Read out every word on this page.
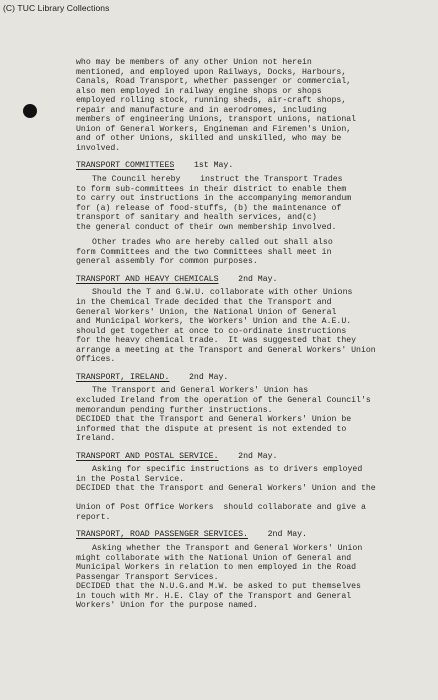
(C) TUC Library Collections
who may be members of any other Union not herein
mentioned, and employed upon Railways, Docks, Harbours,
Canals, Road Transport, whether passenger or commercial,
also men employed in railway engine shops or shops
employed rolling stock, running sheds, air-craft shops,
repair and manufacture and in aerodromes, including
members of engineering Unions, transport unions, national
Union of General Workers, Engineman and Firemen's Union,
and of other Unions, skilled and unskilled, who may be
involved.
TRANSPORT COMMITTEES 1st May.
The Council hereby    instruct the Transport Trades
to form sub-committees in their district to enable them
to carry out instructions in the accompanying memorandum
for (a) release of food-stuffs, (b) the maintenance of
transport of sanitary and health services, and(c)
the general conduct of their own membership involved.
Other trades who are hereby called out shall also
form Committees and the two Committees shall meet in
general assembly for common purposes.
TRANSPORT AND HEAVY CHEMICALS 2nd May.
Should the T and G.W.U. collaborate with other Unions
in the Chemical Trade decided that the Transport and
General Workers' Union, the National Union of General
and Municipal Workers, the Workers' Union and the A.E.U.
should get together at once to co-ordinate instructions
for the heavy chemical trade.  It was suggested that they
arrange a meeting at the Transport and General Workers' Union
Offices.
TRANSPORT, IRELAND. 2nd May.
The Transport and General Workers' Union has
excluded Ireland from the operation of the General Council's
memorandum pending further instructions.
DECIDED that the Transport and General Workers' Union be
informed that the dispute at present is not extended to
Ireland.
TRANSPORT AND POSTAL SERVICE. 2nd May.
Asking for specific instructions as to drivers employed
in the Postal Service.
DECIDED that the Transport and General Workers' Union and the
Union of Post Office Workers  should collaborate and give a
report.
TRANSPORT, ROAD PASSENGER SERVICES. 2nd May.
Asking whether the Transport and General Workers' Union
might collaborate with the National Union of General and
Municipal Workers in relation to men employed in the Road
Passengar Transport Services.
DECIDED that the N.U.G.and M.W. be asked to put themselves
in touch with Mr. H.E. Clay of the Transport and General
Workers' Union for the purpose named.
